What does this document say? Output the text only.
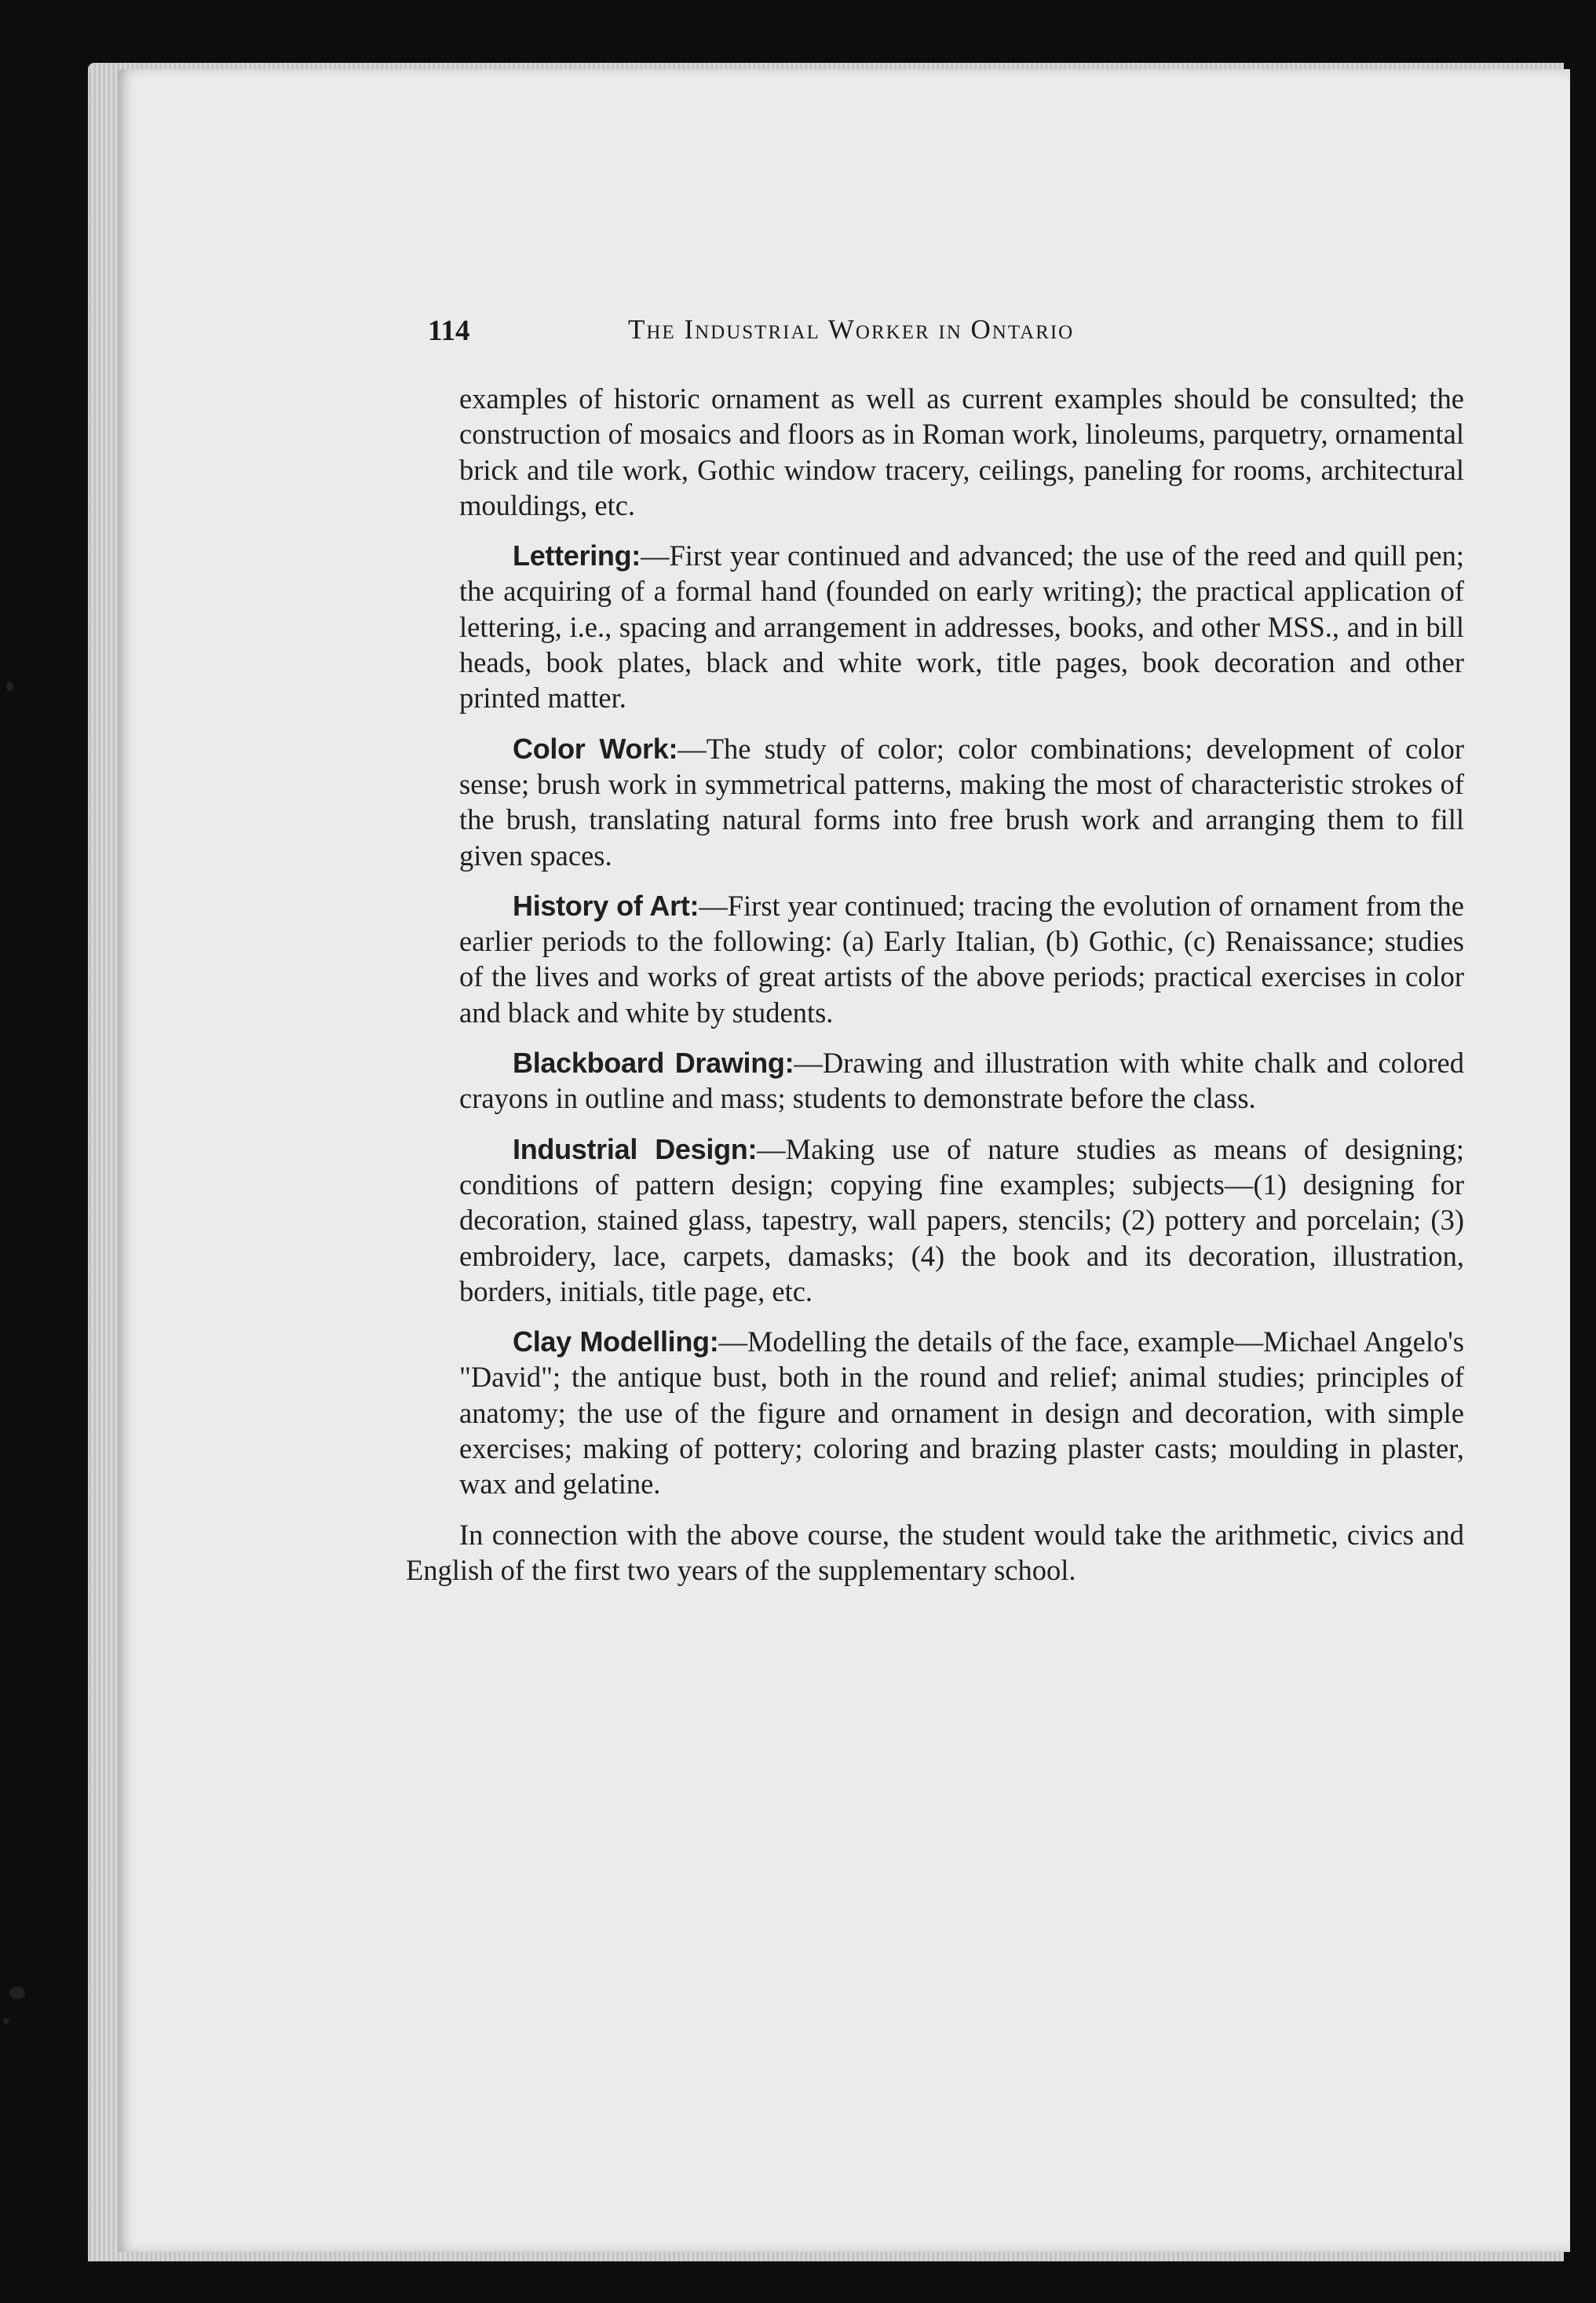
114	The Industrial Worker in Ontario

examples of historic ornament as well as current examples should be consulted; the construction of mosaics and floors as in Roman work, linoleums, parquetry, ornamental brick and tile work, Gothic window tracery, ceilings, paneling for rooms, architectural mouldings, etc.

Lettering:—First year continued and advanced; the use of the reed and quill pen; the acquiring of a formal hand (founded on early writing); the practical application of lettering, i.e., spacing and arrangement in addresses, books, and other MSS., and in bill heads, book plates, black and white work, title pages, book decoration and other printed matter.

Color Work:—The study of color; color combinations; development of color sense; brush work in symmetrical patterns, making the most of characteristic strokes of the brush, translating natural forms into free brush work and arranging them to fill given spaces.

History of Art:—First year continued; tracing the evolution of ornament from the earlier periods to the following: (a) Early Italian, (b) Gothic, (c) Renaissance; studies of the lives and works of great artists of the above periods; practical exercises in color and black and white by students.

Blackboard Drawing:—Drawing and illustration with white chalk and colored crayons in outline and mass; students to demonstrate before the class.

Industrial Design:—Making use of nature studies as means of designing; conditions of pattern design; copying fine examples; subjects—(1) designing for decoration, stained glass, tapestry, wall papers, stencils; (2) pottery and porcelain; (3) embroidery, lace, carpets, damasks; (4) the book and its decoration, illustration, borders, initials, title page, etc.

Clay Modelling:—Modelling the details of the face, example—Michael Angelo's "David"; the antique bust, both in the round and relief; animal studies; principles of anatomy; the use of the figure and ornament in design and decoration, with simple exercises; making of pottery; coloring and brazing plaster casts; moulding in plaster, wax and gelatine.

In connection with the above course, the student would take the arithmetic, civics and English of the first two years of the supplementary school.
